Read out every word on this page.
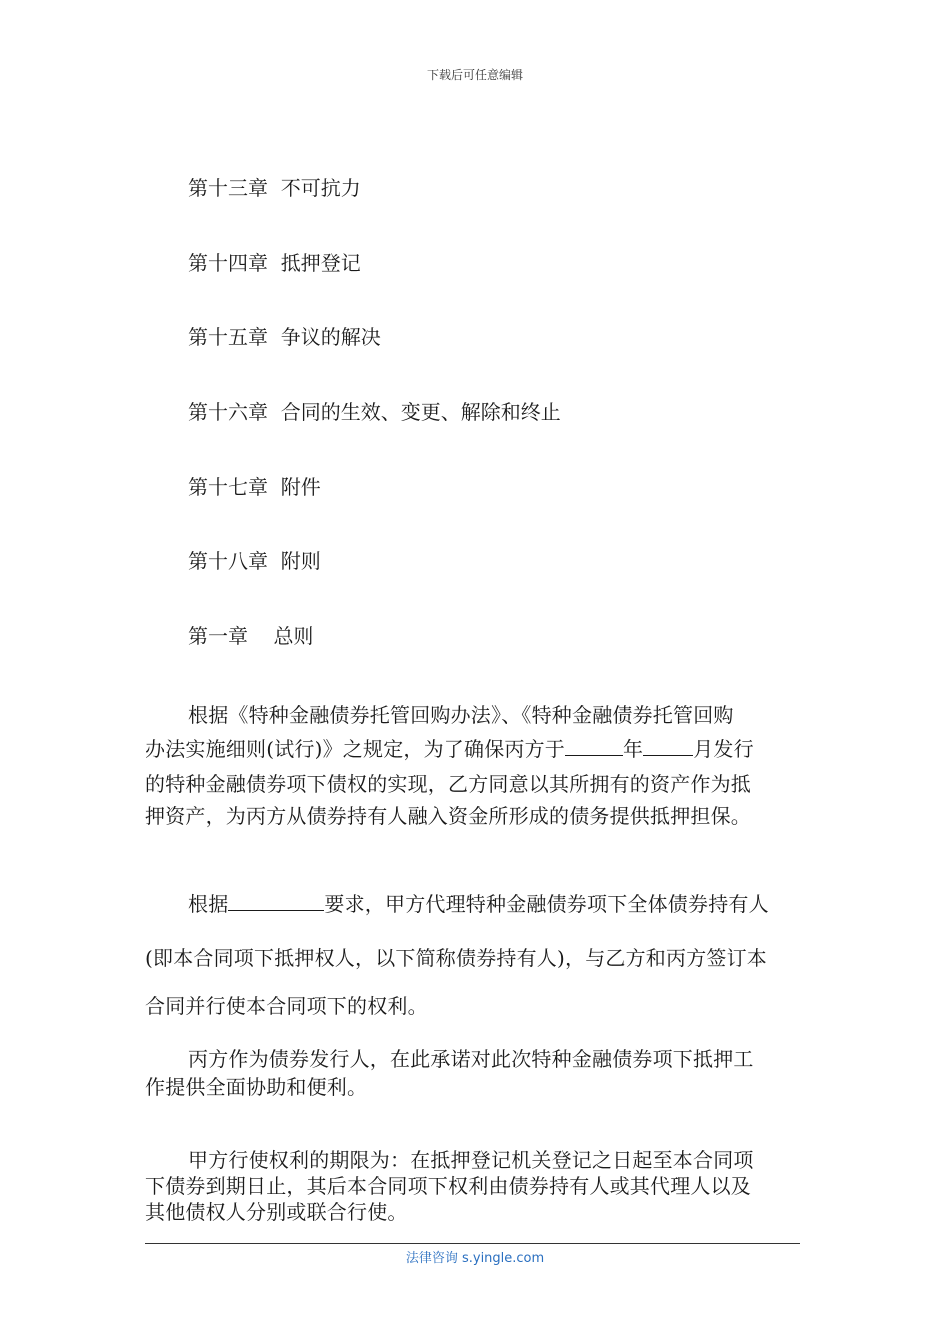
下载后可任意编辑
第十三章 不可抗力
第十四章 抵押登记
第十五章 争议的解决
第十六章 合同的生效、变更、解除和终止
第十七章 附件
第十八章 附则
第一章 总则
根据《特种金融债券托管回购办法》、《特种金融债券托管回购
办法实施细则(试行)》之规定，为了确保丙方于	年	月发行
的特种金融债券项下债权的实现，乙方同意以其所拥有的资产作为抵
押资产，为丙方从债券持有人融入资金所形成的债务提供抵押担保。
根据	要求，甲方代理特种金融债券项下全体债券持有人
(即本合同项下抵押权人，以下简称债券持有人)，与乙方和丙方签订本
合同并行使本合同项下的权利。
丙方作为债券发行人，在此承诺对此次特种金融债券项下抵押工
作提供全面协助和便利。
甲方行使权利的期限为：在抵押登记机关登记之日起至本合同项
下债券到期日止，其后本合同项下权利由债券持有人或其代理人以及
其他债权人分别或联合行使。
法律咨询 s.yingle.com
